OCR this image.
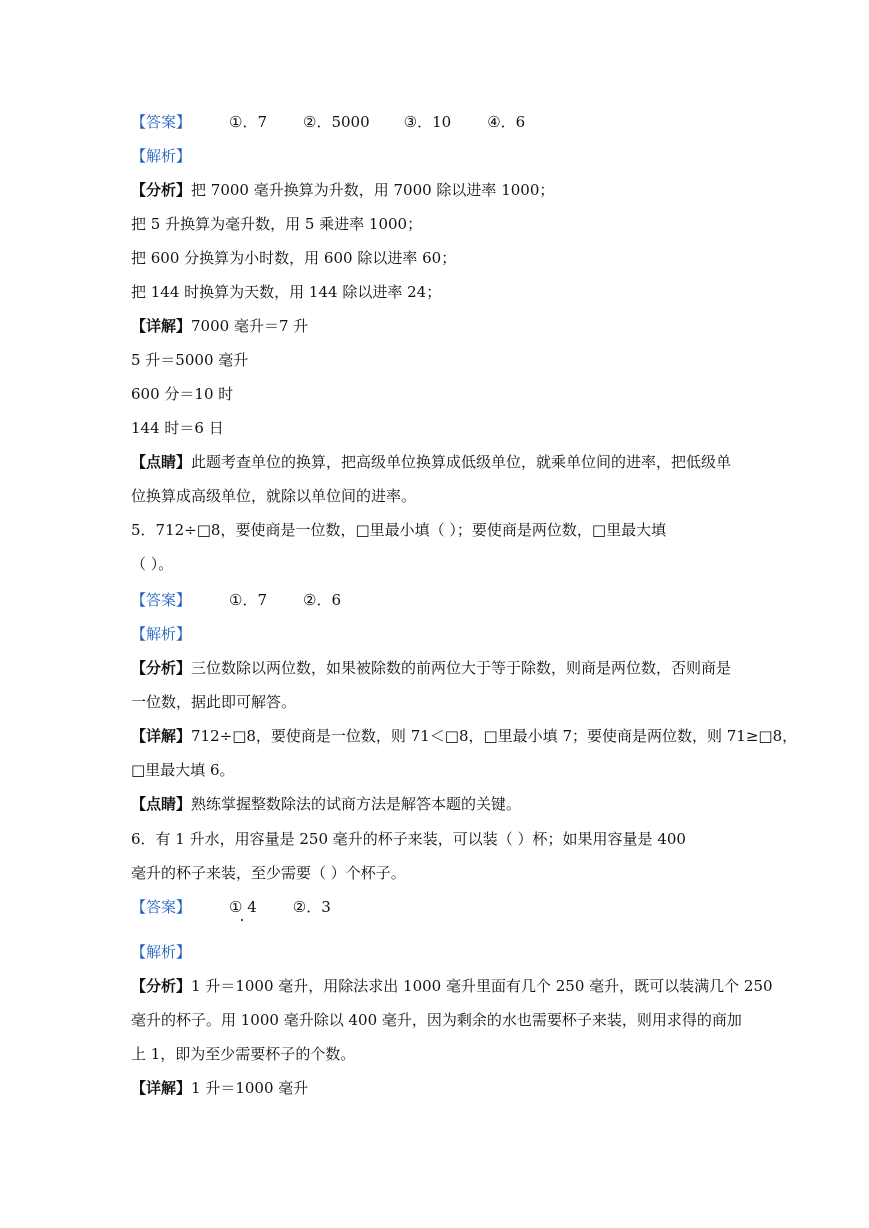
【答案】	①．7 ②．5000 ③．10 ④．6
【解析】
【分析】把 7000 毫升换算为升数，用 7000 除以进率 1000；
把 5 升换算为毫升数，用 5 乘进率 1000；
把 600 分换算为小时数，用 600 除以进率 60；
把 144 时换算为天数，用 144 除以进率 24；
【详解】7000 毫升＝7 升
5 升＝5000 毫升
600 分＝10 时
144 时＝6 日
【点睛】此题考查单位的换算，把高级单位换算成低级单位，就乘单位间的进率，把低级单
位换算成高级单位，就除以单位间的进率。
5．712÷□8，要使商是一位数，□里最小填（ ）；要使商是两位数，□里最大填
（ ）。
【答案】	①．7 ②．6
【解析】
【分析】三位数除以两位数，如果被除数的前两位大于等于除数，则商是两位数，否则商是
一位数，据此即可解答。
【详解】712÷□8，要使商是一位数，则 71＜□8，□里最小填 7；要使商是两位数，则 71≥□8，
□里最大填 6。
【点睛】熟练掌握整数除法的试商方法是解答本题的关键。
6．有 1 升水，用容量是 250 毫升的杯子来装，可以装（ ）杯；如果用容量是 400
毫升的杯子来装，至少需要（ ）个杯子。
【答案】	① 4 ②．3
【解析】
【分析】1 升＝1000 毫升，用除法求出 1000 毫升里面有几个 250 毫升，既可以装满几个 250
毫升的杯子。用 1000 毫升除以 400 毫升，因为剩余的水也需要杯子来装，则用求得的商加
上 1，即为至少需要杯子的个数。
【详解】1 升＝1000 毫升
